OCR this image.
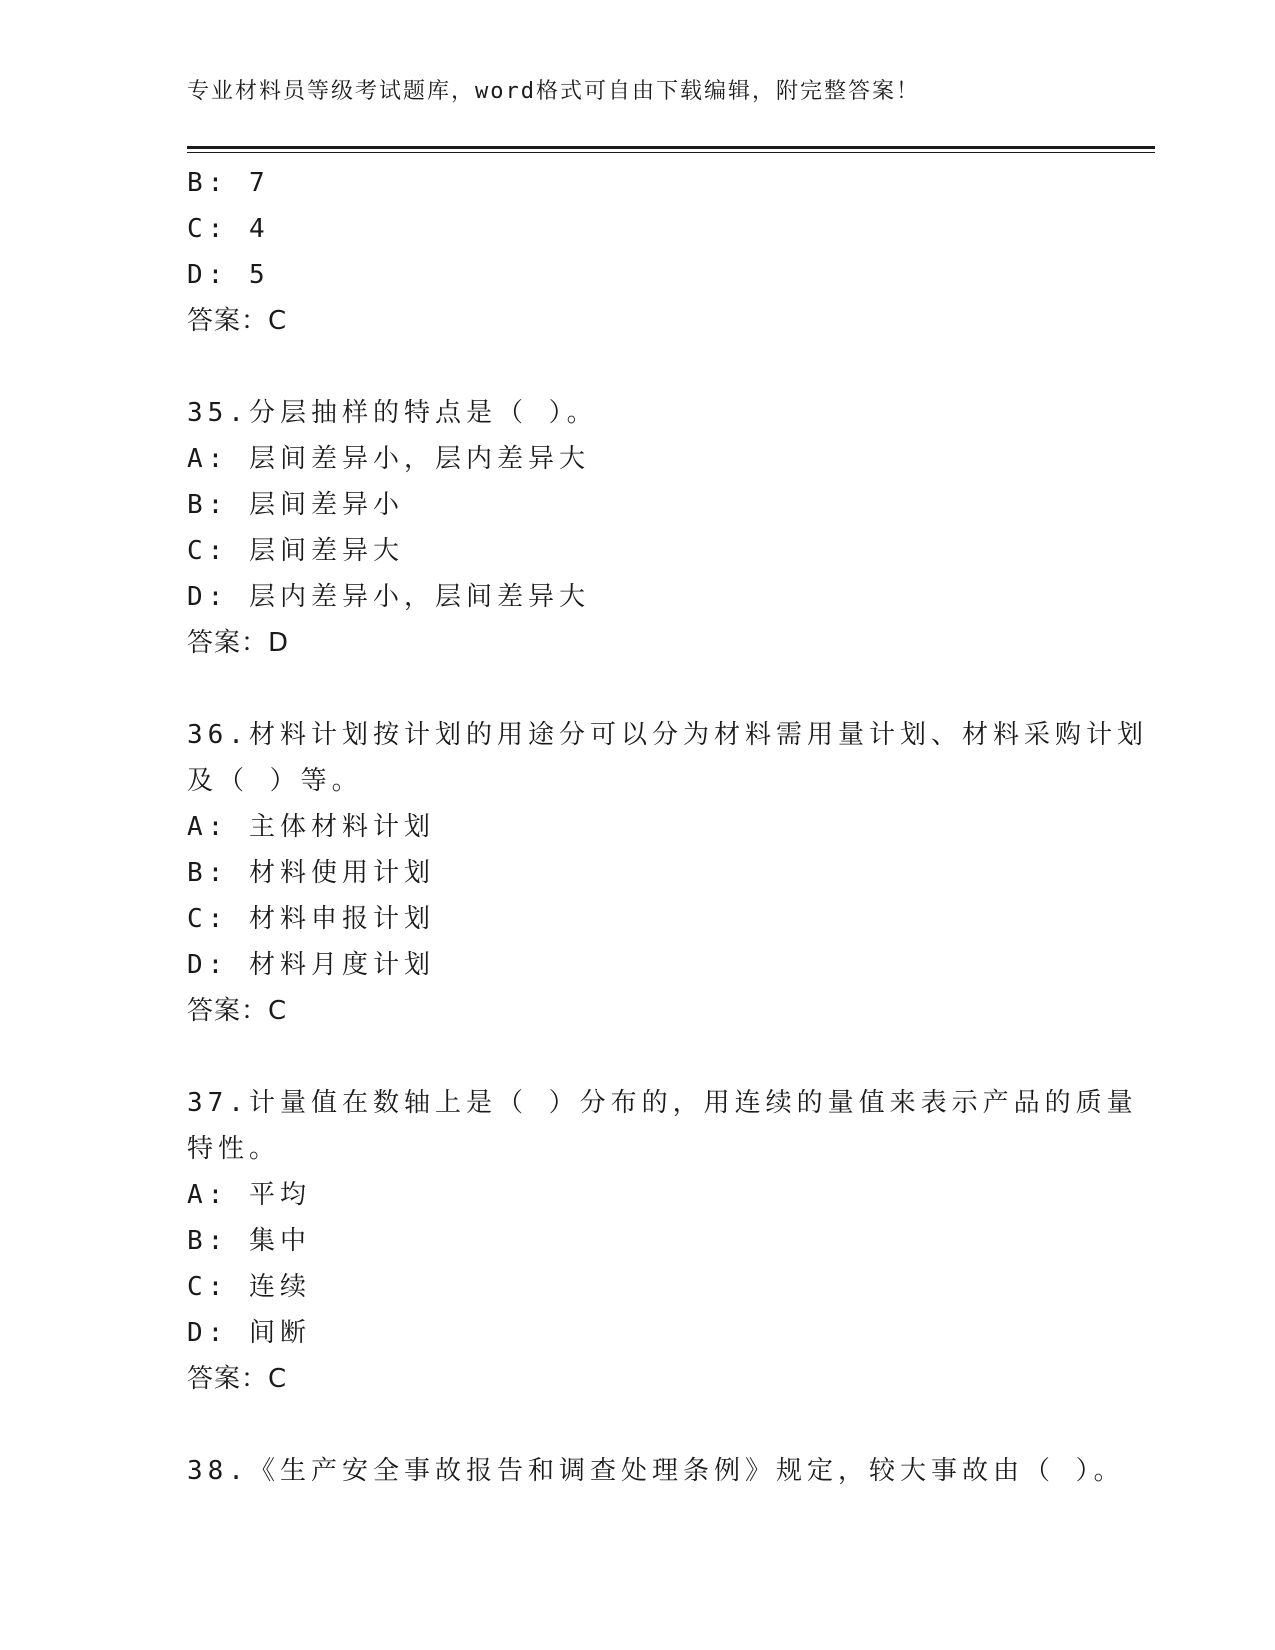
专业材料员等级考试题库，word格式可自由下载编辑，附完整答案！
B: 7
C: 4
D: 5
答案：C
35.分层抽样的特点是（ ）。
A: 层间差异小，层内差异大
B: 层间差异小
C: 层间差异大
D: 层内差异小，层间差异大
答案：D
36.材料计划按计划的用途分可以分为材料需用量计划、材料采购计划
及（ ）等。
A: 主体材料计划
B: 材料使用计划
C: 材料申报计划
D: 材料月度计划
答案：C
37.计量值在数轴上是（ ）分布的，用连续的量值来表示产品的质量
特性。
A: 平均
B: 集中
C: 连续
D: 间断
答案：C
38.《生产安全事故报告和调查处理条例》规定，较大事故由（ ）。
